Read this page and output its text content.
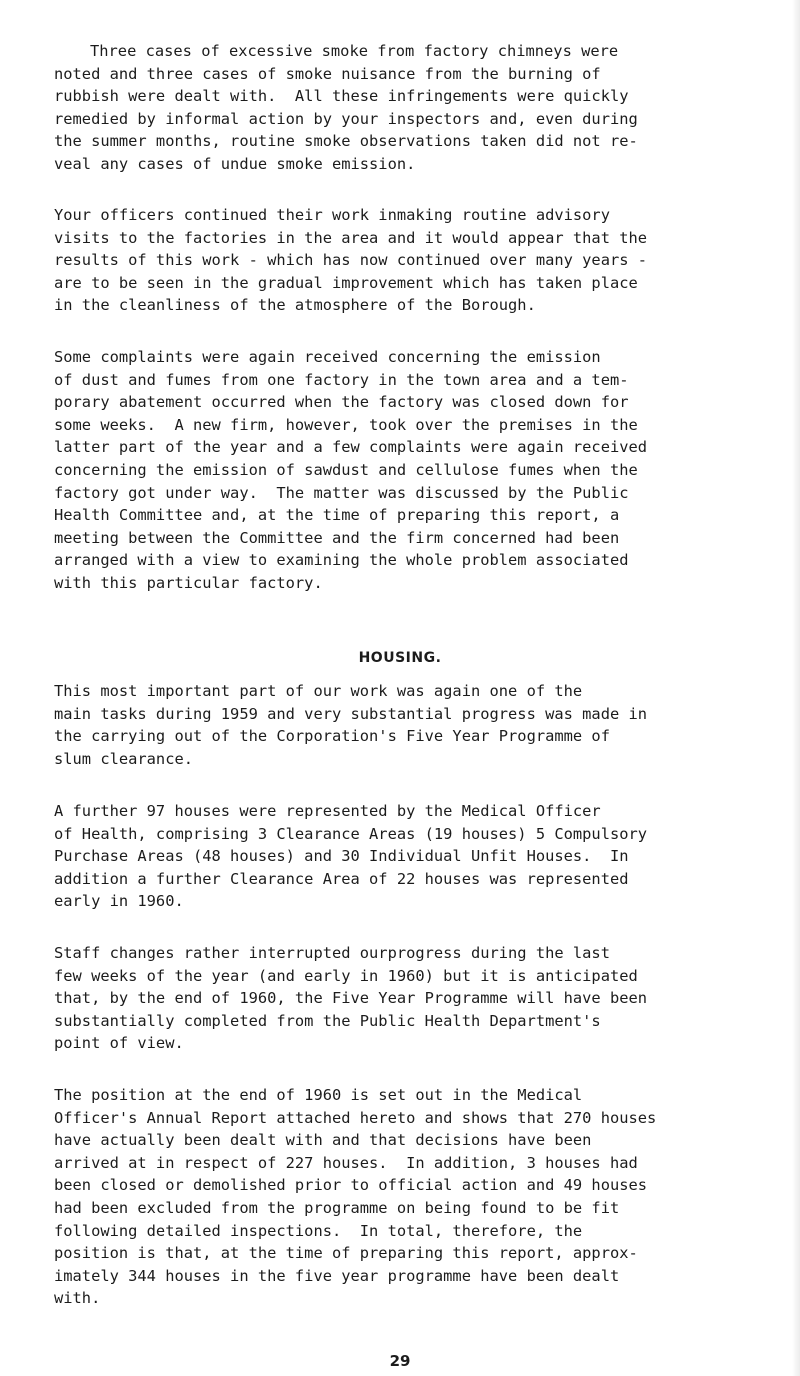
Three cases of excessive smoke from factory chimneys were
noted and three cases of smoke nuisance from the burning of
rubbish were dealt with.  All these infringements were quickly
remedied by informal action by your inspectors and, even during
the summer months, routine smoke observations taken did not re-
veal any cases of undue smoke emission.
Your officers continued their work inmaking routine advisory
visits to the factories in the area and it would appear that the
results of this work - which has now continued over many years -
are to be seen in the gradual improvement which has taken place
in the cleanliness of the atmosphere of the Borough.
Some complaints were again received concerning the emission
of dust and fumes from one factory in the town area and a tem-
porary abatement occurred when the factory was closed down for
some weeks.  A new firm, however, took over the premises in the
latter part of the year and a few complaints were again received
concerning the emission of sawdust and cellulose fumes when the
factory got under way.  The matter was discussed by the Public
Health Committee and, at the time of preparing this report, a
meeting between the Committee and the firm concerned had been
arranged with a view to examining the whole problem associated
with this particular factory.
HOUSING.
This most important part of our work was again one of the
main tasks during 1959 and very substantial progress was made in
the carrying out of the Corporation's Five Year Programme of
slum clearance.
A further 97 houses were represented by the Medical Officer
of Health, comprising 3 Clearance Areas (19 houses) 5 Compulsory
Purchase Areas (48 houses) and 30 Individual Unfit Houses.  In
addition a further Clearance Area of 22 houses was represented
early in 1960.
Staff changes rather interrupted ourprogress during the last
few weeks of the year (and early in 1960) but it is anticipated
that, by the end of 1960, the Five Year Programme will have been
substantially completed from the Public Health Department's
point of view.
The position at the end of 1960 is set out in the Medical
Officer's Annual Report attached hereto and shows that 270 houses
have actually been dealt with and that decisions have been
arrived at in respect of 227 houses.  In addition, 3 houses had
been closed or demolished prior to official action and 49 houses
had been excluded from the programme on being found to be fit
following detailed inspections.  In total, therefore, the
position is that, at the time of preparing this report, approx-
imately 344 houses in the five year programme have been dealt
with.
29
